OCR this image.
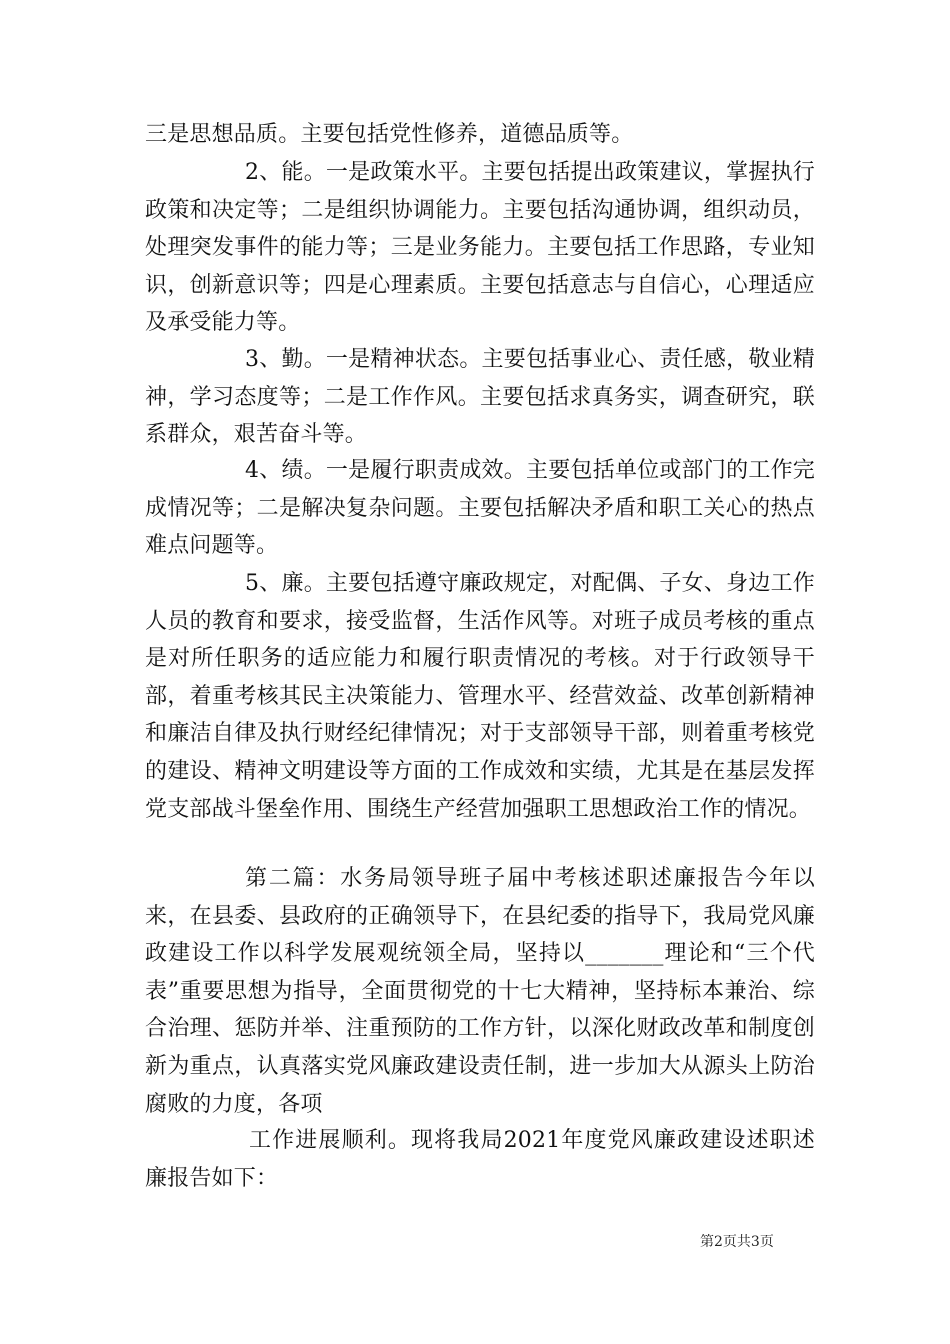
三是思想品质。主要包括党性修养，道德品质等。

2、能。一是政策水平。主要包括提出政策建议，掌握执行政策和决定等；二是组织协调能力。主要包括沟通协调，组织动员，处理突发事件的能力等；三是业务能力。主要包括工作思路，专业知识，创新意识等；四是心理素质。主要包括意志与自信心，心理适应及承受能力等。

3、勤。一是精神状态。主要包括事业心、责任感，敬业精神，学习态度等；二是工作作风。主要包括求真务实，调查研究，联系群众，艰苦奋斗等。

4、绩。一是履行职责成效。主要包括单位或部门的工作完成情况等；二是解决复杂问题。主要包括解决矛盾和职工关心的热点难点问题等。

5、廉。主要包括遵守廉政规定，对配偶、子女、身边工作人员的教育和要求，接受监督，生活作风等。对班子成员考核的重点是对所任职务的适应能力和履行职责情况的考核。对于行政领导干部，着重考核其民主决策能力、管理水平、经营效益、改革创新精神和廉洁自律及执行财经纪律情况；对于支部领导干部，则着重考核党的建设、精神文明建设等方面的工作成效和实绩，尤其是在基层发挥党支部战斗堡垒作用、围绕生产经营加强职工思想政治工作的情况。

第二篇：水务局领导班子届中考核述职述廉报告今年以来，在县委、县政府的正确领导下，在县纪委的指导下，我局党风廉政建设工作以科学发展观统领全局，坚持以_______理论和“三个代表”重要思想为指导，全面贯彻党的十七大精神，坚持标本兼治、综合治理、惩防并举、注重预防的工作方针，以深化财政改革和制度创新为重点，认真落实党风廉政建设责任制，进一步加大从源头上防治腐败的力度，各项

工作进展顺利。现将我局2021年度党风廉政建设述职述廉报告如下：

第2页共3页
